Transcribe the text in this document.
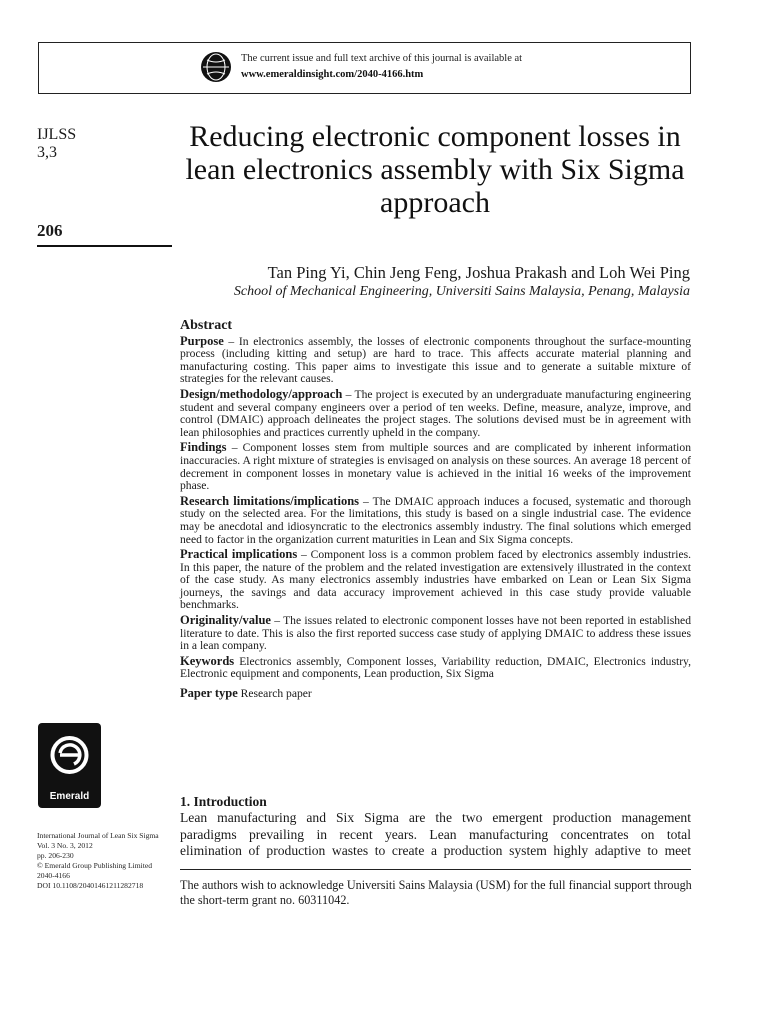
The current issue and full text archive of this journal is available at
www.emeraldinsight.com/2040-4166.htm
IJLSS
3,3
206
Reducing electronic component losses in lean electronics assembly with Six Sigma approach
Tan Ping Yi, Chin Jeng Feng, Joshua Prakash and Loh Wei Ping
School of Mechanical Engineering, Universiti Sains Malaysia, Penang, Malaysia
Abstract

Purpose – In electronics assembly, the losses of electronic components throughout the surface-mounting process (including kitting and setup) are hard to trace. This affects accurate material planning and manufacturing costing. This paper aims to investigate this issue and to generate a suitable mixture of strategies for the relevant causes.

Design/methodology/approach – The project is executed by an undergraduate manufacturing engineering student and several company engineers over a period of ten weeks. Define, measure, analyze, improve, and control (DMAIC) approach delineates the project stages. The solutions devised must be in agreement with lean philosophies and practices currently upheld in the company.

Findings – Component losses stem from multiple sources and are complicated by inherent information inaccuracies. A right mixture of strategies is envisaged on analysis on these sources. An average 18 percent of decrement in component losses in monetary value is achieved in the initial 16 weeks of the improvement phase.

Research limitations/implications – The DMAIC approach induces a focused, systematic and thorough study on the selected area. For the limitations, this study is based on a single industrial case. The evidence may be anecdotal and idiosyncratic to the electronics assembly industry. The final solutions which emerged need to factor in the organization current maturities in Lean and Six Sigma concepts.

Practical implications – Component loss is a common problem faced by electronics assembly industries. In this paper, the nature of the problem and the related investigation are extensively illustrated in the context of the case study. As many electronics assembly industries have embarked on Lean or Lean Six Sigma journeys, the savings and data accuracy improvement achieved in this case study provide valuable benchmarks.

Originality/value – The issues related to electronic component losses have not been reported in established literature to date. This is also the first reported success case study of applying DMAIC to address these issues in a lean company.

Keywords Electronics assembly, Component losses, Variability reduction, DMAIC, Electronics industry, Electronic equipment and components, Lean production, Six Sigma

Paper type Research paper

Emerald
International Journal of Lean Six Sigma
Vol. 3 No. 3, 2012
pp. 206-230
© Emerald Group Publishing Limited
2040-4166
DOI 10.1108/20401461211282718
1. Introduction
Lean manufacturing and Six Sigma are the two emergent production management
paradigms prevailing in recent years. Lean manufacturing concentrates on total
elimination of production wastes to create a production system highly adaptive to meet
The authors wish to acknowledge Universiti Sains Malaysia (USM) for the full financial support through the short-term grant no. 60311042.
